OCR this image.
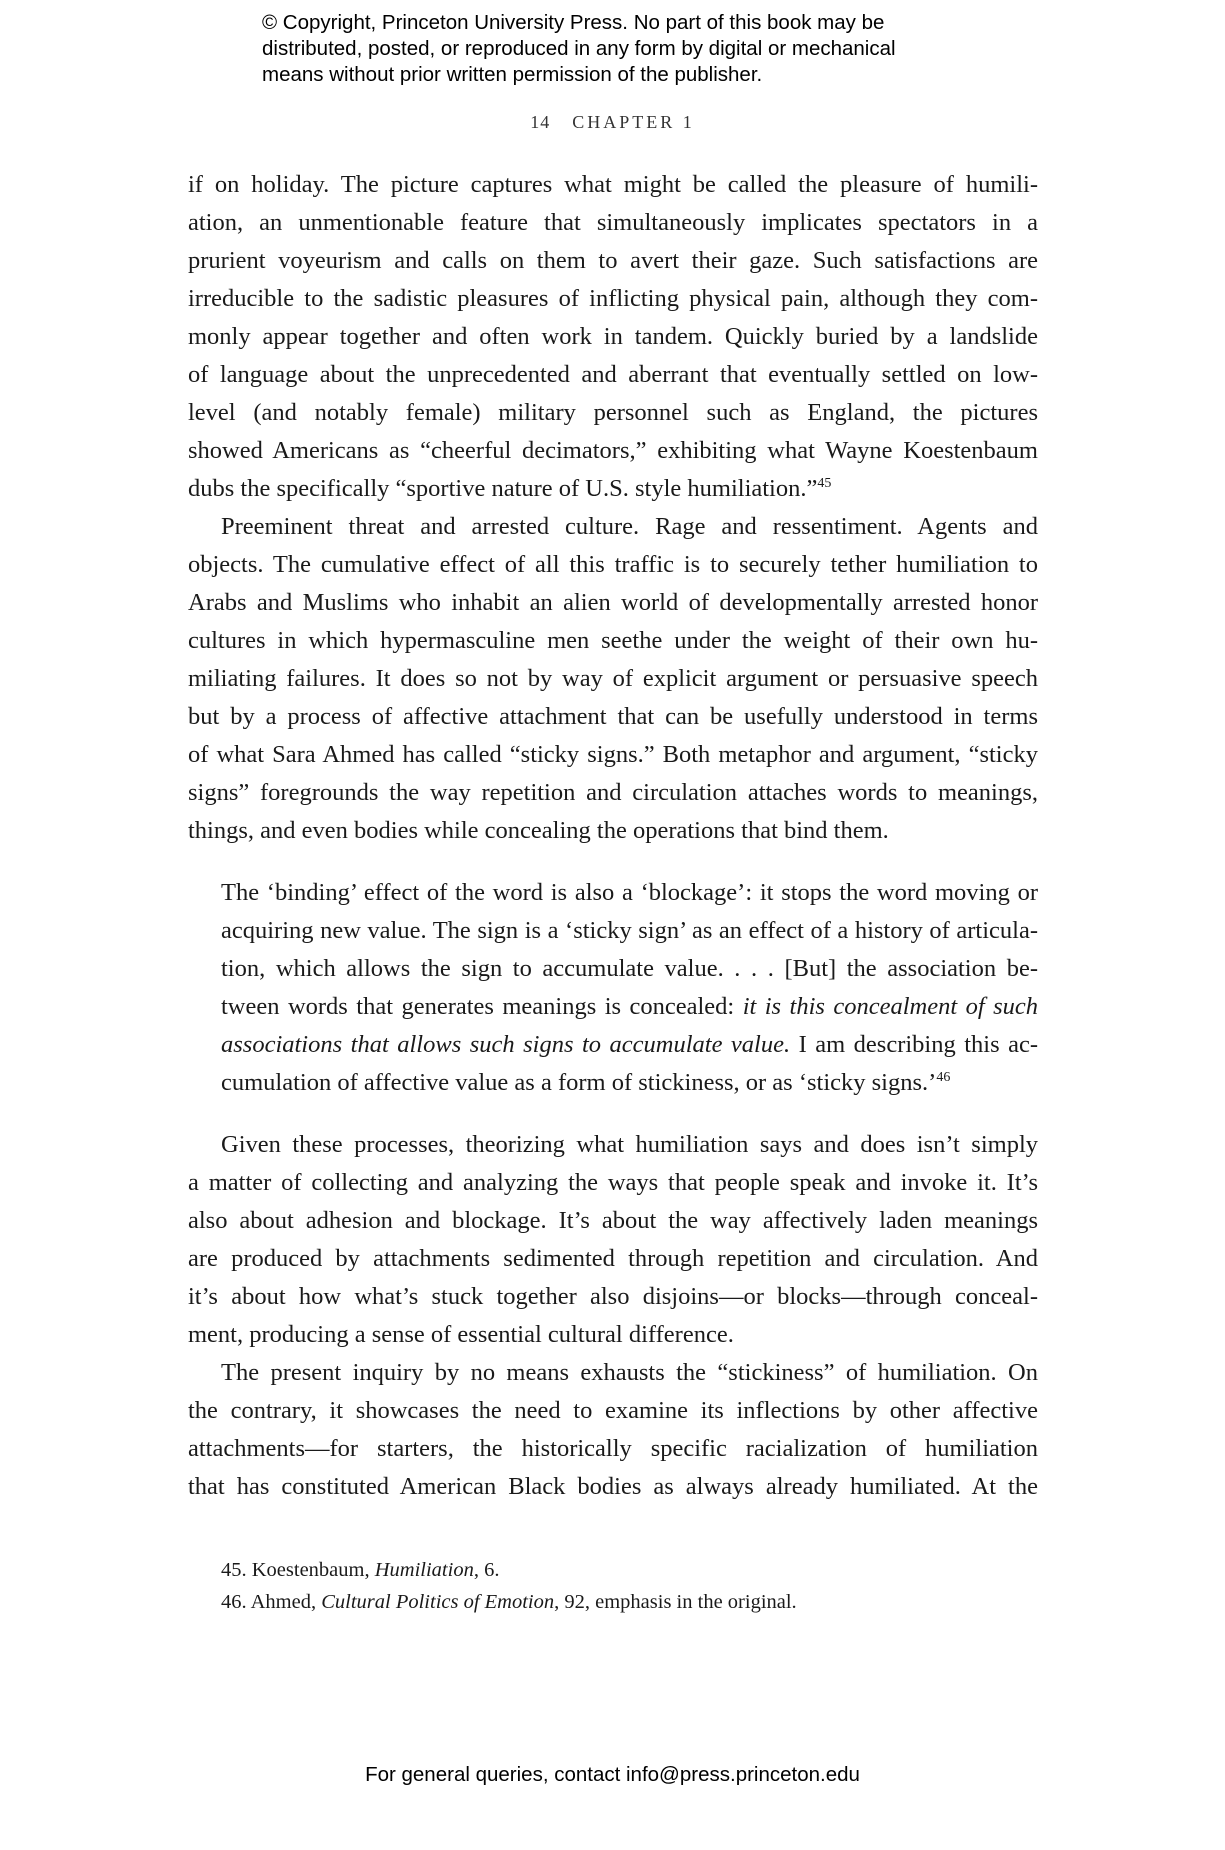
© Copyright, Princeton University Press. No part of this book may be
distributed, posted, or reproduced in any form by digital or mechanical
means without prior written permission of the publisher.
14 CHAPTER 1
if on holiday. The picture captures what might be called the pleasure of humili-
ation, an unmentionable feature that simultaneously implicates spectators in a
prurient voyeurism and calls on them to avert their gaze. Such satisfactions are
irreducible to the sadistic pleasures of inflicting physical pain, although they com-
monly appear together and often work in tandem. Quickly buried by a landslide
of language about the unprecedented and aberrant that eventually settled on low-
level (and notably female) military personnel such as England, the pictures
showed Americans as “cheerful decimators,” exhibiting what Wayne Koestenbaum
dubs the specifically “sportive nature of U.S. style humiliation.”$^{45}$
Preeminent threat and arrested culture. Rage and ressentiment. Agents and
objects. The cumulative effect of all this traffic is to securely tether humiliation to
Arabs and Muslims who inhabit an alien world of developmentally arrested honor
cultures in which hypermasculine men seethe under the weight of their own hu-
miliating failures. It does so not by way of explicit argument or persuasive speech
but by a process of affective attachment that can be usefully understood in terms
of what Sara Ahmed has called “sticky signs.” Both metaphor and argument, “sticky
signs” foregrounds the way repetition and circulation attaches words to meanings,
things, and even bodies while concealing the operations that bind them.
The ‘binding’ effect of the word is also a ‘blockage’: it stops the word moving or
acquiring new value. The sign is a ‘sticky sign’ as an effect of a history of articula-
tion, which allows the sign to accumulate value. . . . [But] the association be-
tween words that generates meanings is concealed: it is this concealment of such
associations that allows such signs to accumulate value. I am describing this ac-
cumulation of affective value as a form of stickiness, or as ‘sticky signs.’$^{46}$
Given these processes, theorizing what humiliation says and does isn’t simply
a matter of collecting and analyzing the ways that people speak and invoke it. It’s
also about adhesion and blockage. It’s about the way affectively laden meanings
are produced by attachments sedimented through repetition and circulation. And
it’s about how what’s stuck together also disjoins—or blocks—through conceal-
ment, producing a sense of essential cultural difference.
The present inquiry by no means exhausts the “stickiness” of humiliation. On
the contrary, it showcases the need to examine its inflections by other affective
attachments—for starters, the historically specific racialization of humiliation
that has constituted American Black bodies as always already humiliated. At the
45. Koestenbaum, Humiliation, 6.
46. Ahmed, Cultural Politics of Emotion, 92, emphasis in the original.
For general queries, contact info@press.princeton.edu
